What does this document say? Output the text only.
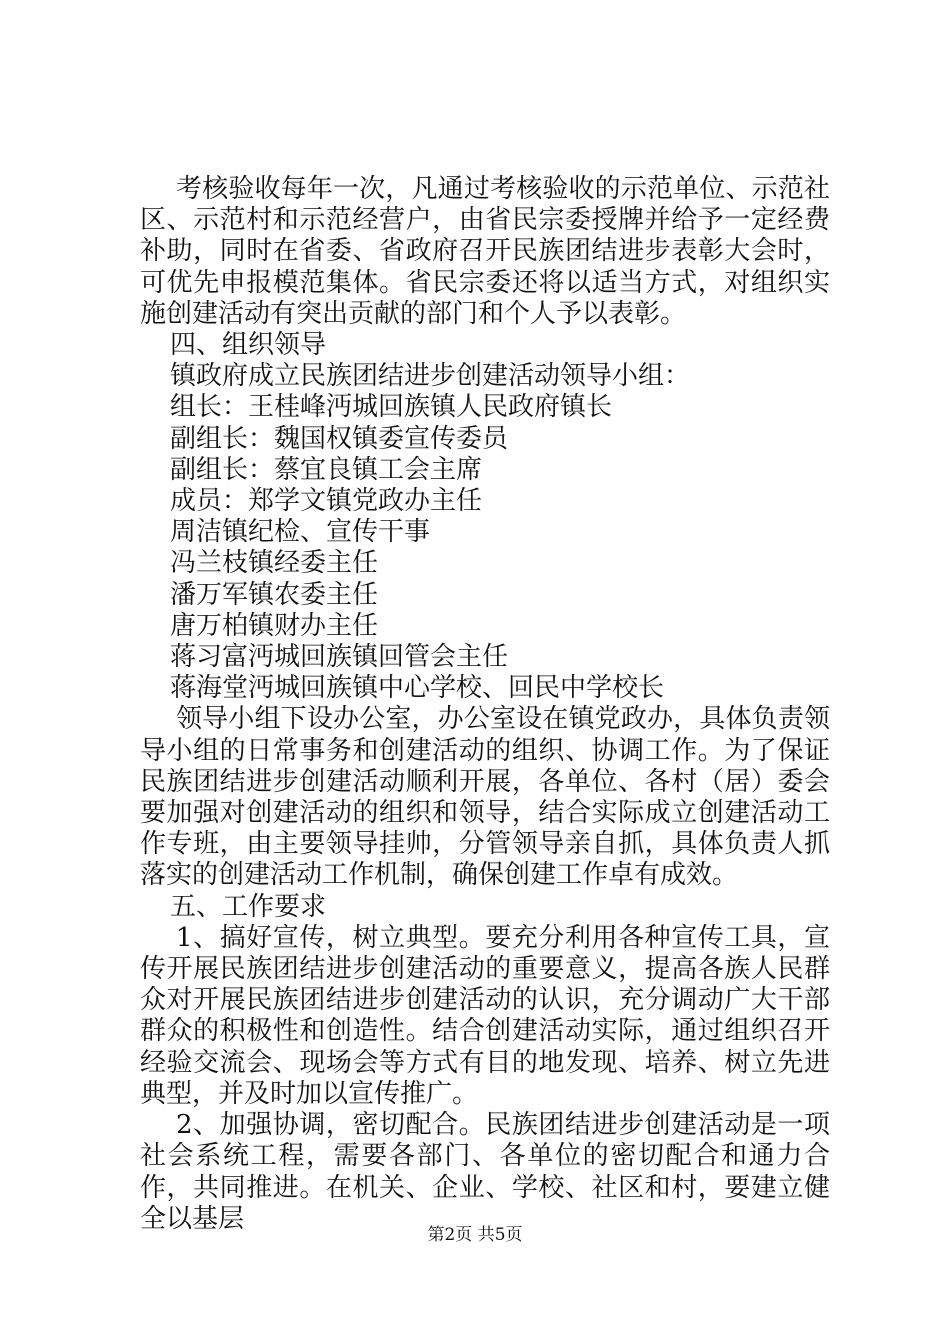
考核验收每年一次，凡通过考核验收的示范单位、示范社区、示范村和示范经营户，由省民宗委授牌并给予一定经费补助，同时在省委、省政府召开民族团结进步表彰大会时，可优先申报模范集体。省民宗委还将以适当方式，对组织实施创建活动有突出贡献的部门和个人予以表彰。

四、组织领导

镇政府成立民族团结进步创建活动领导小组：

组长：王桂峰沔城回族镇人民政府镇长

副组长：魏国权镇委宣传委员

副组长：蔡宜良镇工会主席

成员：郑学文镇党政办主任

周洁镇纪检、宣传干事

冯兰枝镇经委主任

潘万军镇农委主任

唐万柏镇财办主任

蒋习富沔城回族镇回管会主任

蒋海堂沔城回族镇中心学校、回民中学校长

领导小组下设办公室，办公室设在镇党政办，具体负责领导小组的日常事务和创建活动的组织、协调工作。为了保证民族团结进步创建活动顺利开展，各单位、各村（居）委会要加强对创建活动的组织和领导，结合实际成立创建活动工作专班，由主要领导挂帅，分管领导亲自抓，具体负责人抓落实的创建活动工作机制，确保创建工作卓有成效。

五、工作要求

1、搞好宣传，树立典型。要充分利用各种宣传工具，宣传开展民族团结进步创建活动的重要意义，提高各族人民群众对开展民族团结进步创建活动的认识，充分调动广大干部群众的积极性和创造性。结合创建活动实际，通过组织召开经验交流会、现场会等方式有目的地发现、培养、树立先进典型，并及时加以宣传推广。

2、加强协调，密切配合。民族团结进步创建活动是一项社会系统工程，需要各部门、各单位的密切配合和通力合作，共同推进。在机关、企业、学校、社区和村，要建立健全以基层

第2页 共5页
